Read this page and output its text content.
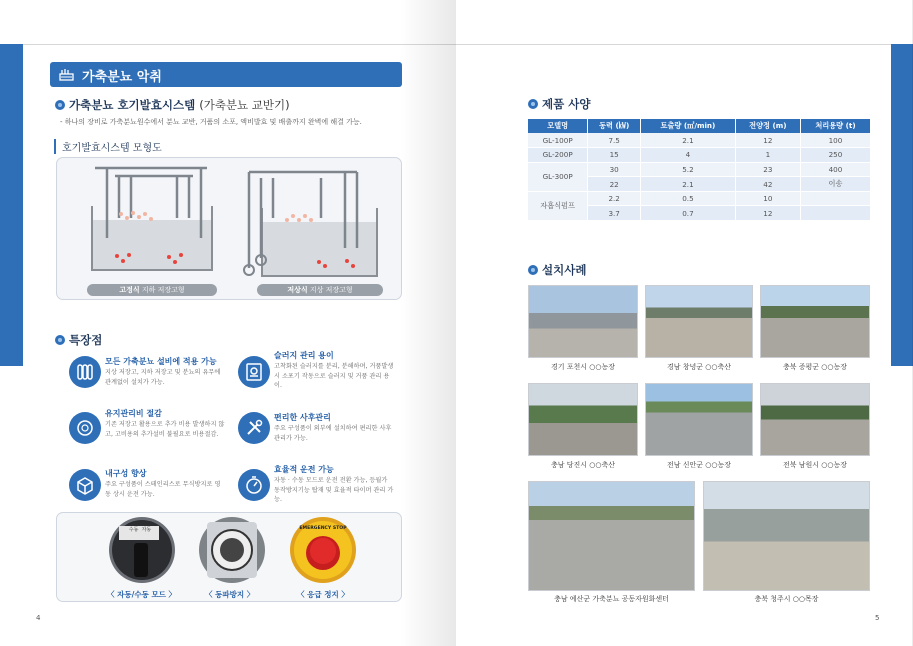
가축분뇨 악취
가축분뇨 호기발효시스템 (가축분뇨 교반기)
- 하나의 장비로 가축분뇨원수에서 분뇨 교반, 거품의 소포, 액비발효 및 배출까지 완벽에 해결 가능.
호기발효시스템 모형도
고정식 지하 저장고형	저상식 지상 저장고형
특장점
모든 가축분뇨 설비에 적용 가능
지상 저장고, 지하 저장고 및 분뇨의 유무에 관계없이 설치가 가능.
슬러지 관리 용이
고착화된 슬러지를 분리, 분해하며, 거품발생시 소포기 작동으로 슬러지 및 거품 관리 용이.
유지관리비 절감
기존 저장고 활용으로 추가 비용 발생하지 않고, 고비용의 추가설비 불필요로 비용절감.
편리한 사후관리
주요 구성품이 외부에 설치하여 편리한 사후 관리가 가능.
내구성 향상
주요 구성품이 스테인리스로 무식방지로 영동 상시 운전 가능.
효율적 운전 가능
자동 · 수동 모드로 운전 전환 가능, 등월가 동작방지기능 탑재 및 효율적 타이머 관리 가능.
수동 자동	EMERGENCY STOP
〈 자동/수동 모드 〉	〈 동파방지 〉	〈 응급 정지 〉
4	5
제품 사양
모델명	동력 (㎾)	토출량 (㎥/min)	전양정 (m)	처리용량 (t)
GL-100P	7.5	2.1	12	100
GL-200P	15	4	1	250
GL-300P	30	5.2	23	400
	22	2.1	42	이송
자흡식펌프	2.2	0.5	10	
	3.7	0.7	12	
설치사례
경기 포천시 ○○농장	경남 창녕군 ○○축산	충북 증평군 ○○농장
충남 당진시 ○○축산	전남 신안군 ○○농장	전북 남원시 ○○농장
충남 예산군 가축분뇨 공동자원화센터	충북 청주시 ○○목장
